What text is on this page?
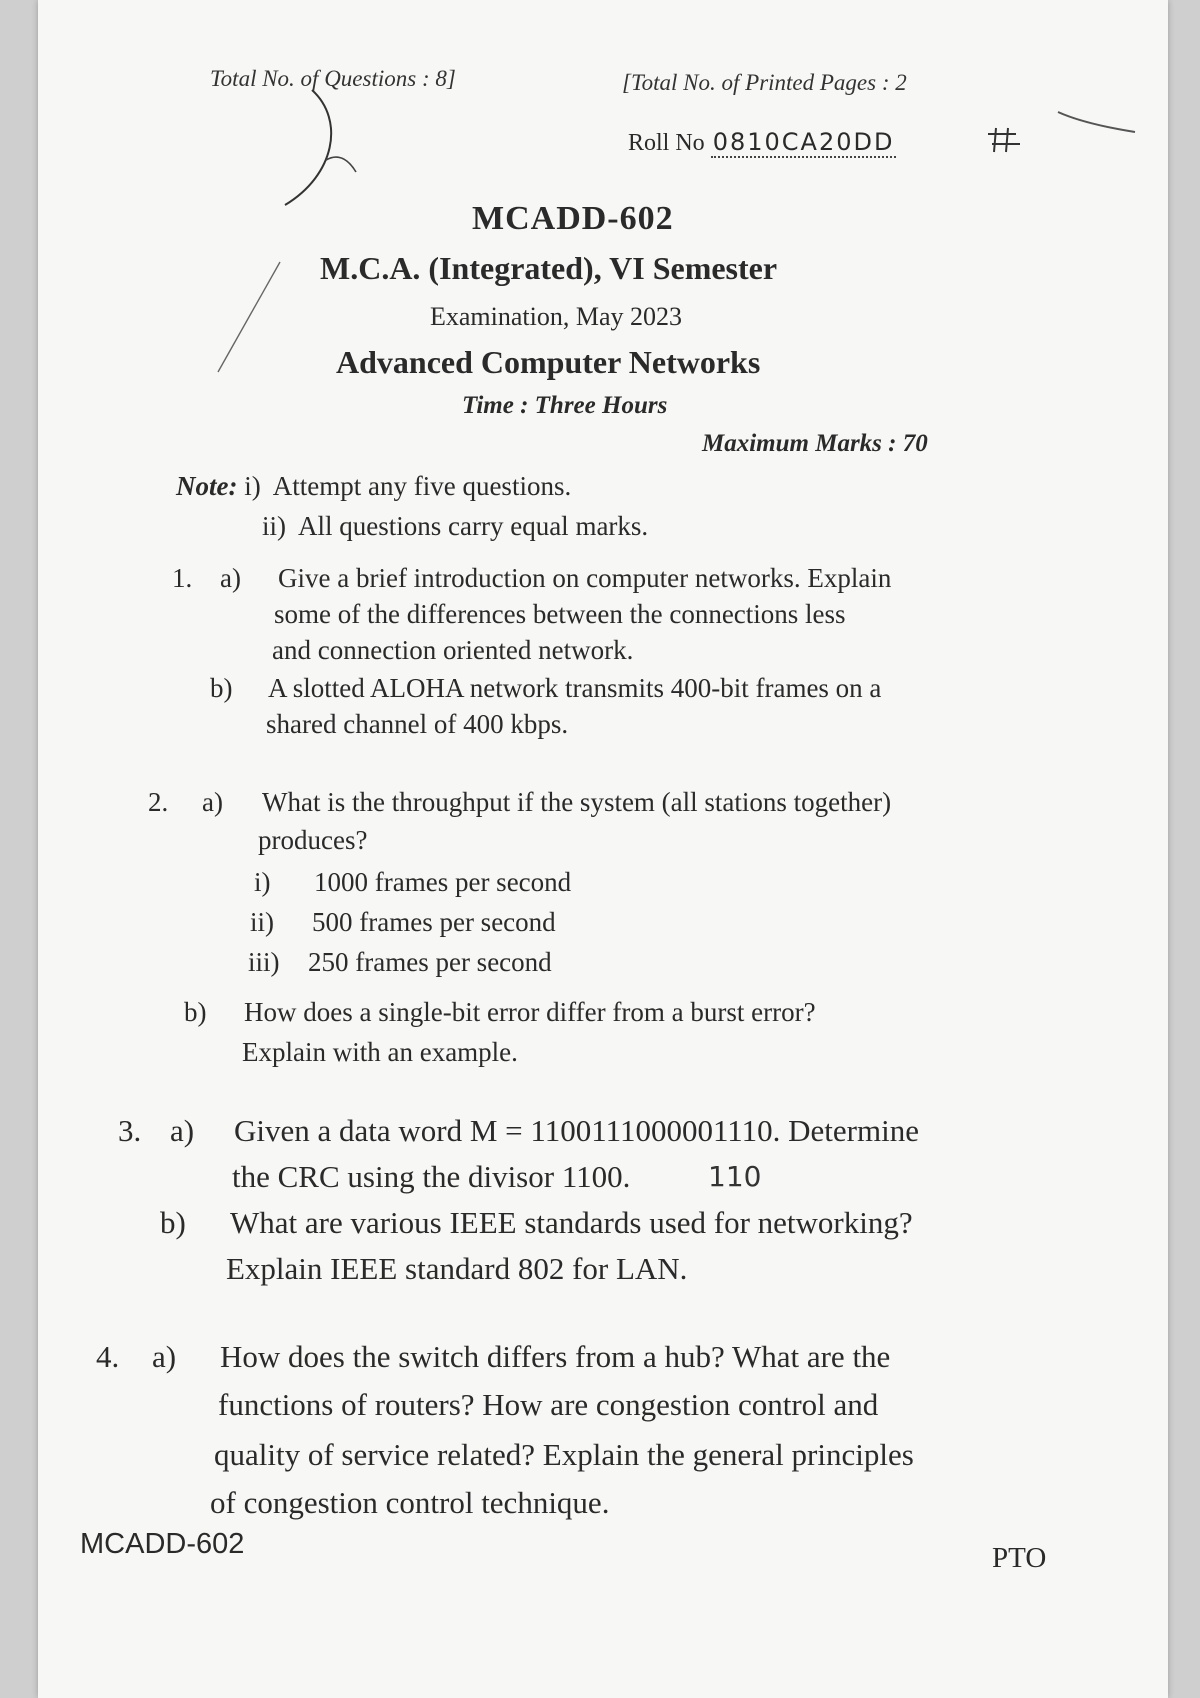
Total No. of Questions : 8]	[Total No. of Printed Pages : 2
Roll No 0810CA20DD
MCADD-602
M.C.A. (Integrated), VI Semester
Examination, May 2023
Advanced Computer Networks
Time : Three Hours
Maximum Marks : 70
Note: i) Attempt any five questions.
ii) All questions carry equal marks.
1. a) Give a brief introduction on computer networks. Explain
some of the differences between the connections less
and connection oriented network.
b) A slotted ALOHA network transmits 400-bit frames on a
shared channel of 400 kbps.
2. a) What is the throughput if the system (all stations together)
produces?
i) 1000 frames per second
ii) 500 frames per second
iii) 250 frames per second
b) How does a single-bit error differ from a burst error?
Explain with an example.
3. a) Given a data word M = 1100111000001110. Determine
the CRC using the divisor 1100.	110
b) What are various IEEE standards used for networking?
Explain IEEE standard 802 for LAN.
4. a) How does the switch differs from a hub? What are the
functions of routers? How are congestion control and
quality of service related? Explain the general principles
of congestion control technique.
MCADD-602	PTO
